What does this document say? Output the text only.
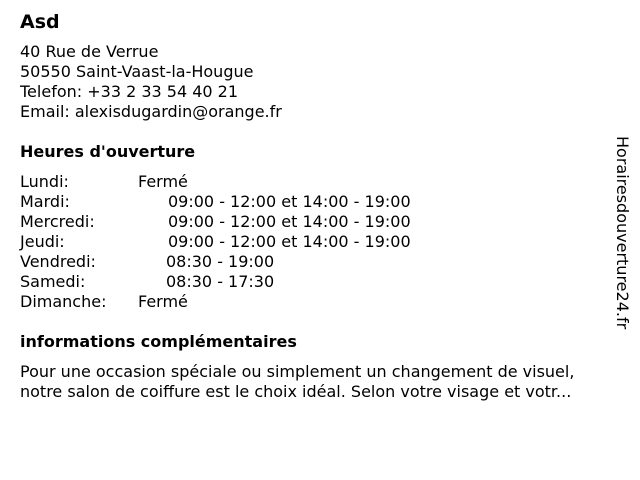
Asd
40 Rue de Verrue
50550 Saint-Vaast-la-Hougue
Telefon: +33 2 33 54 40 21
Email: alexisdugardin@orange.fr
Heures d'ouverture
Lundi:	Fermé
Mardi:	09:00 - 12:00 et 14:00 - 19:00
Mercredi:	09:00 - 12:00 et 14:00 - 19:00
Jeudi:	09:00 - 12:00 et 14:00 - 19:00
Vendredi:	08:30 - 19:00
Samedi:	08:30 - 17:30
Dimanche: Fermé
informations complémentaires
Pour une occasion spéciale ou simplement un changement de visuel,
notre salon de coiffure est le choix idéal. Selon votre visage et votr...
Horairesdouverture24.fr
